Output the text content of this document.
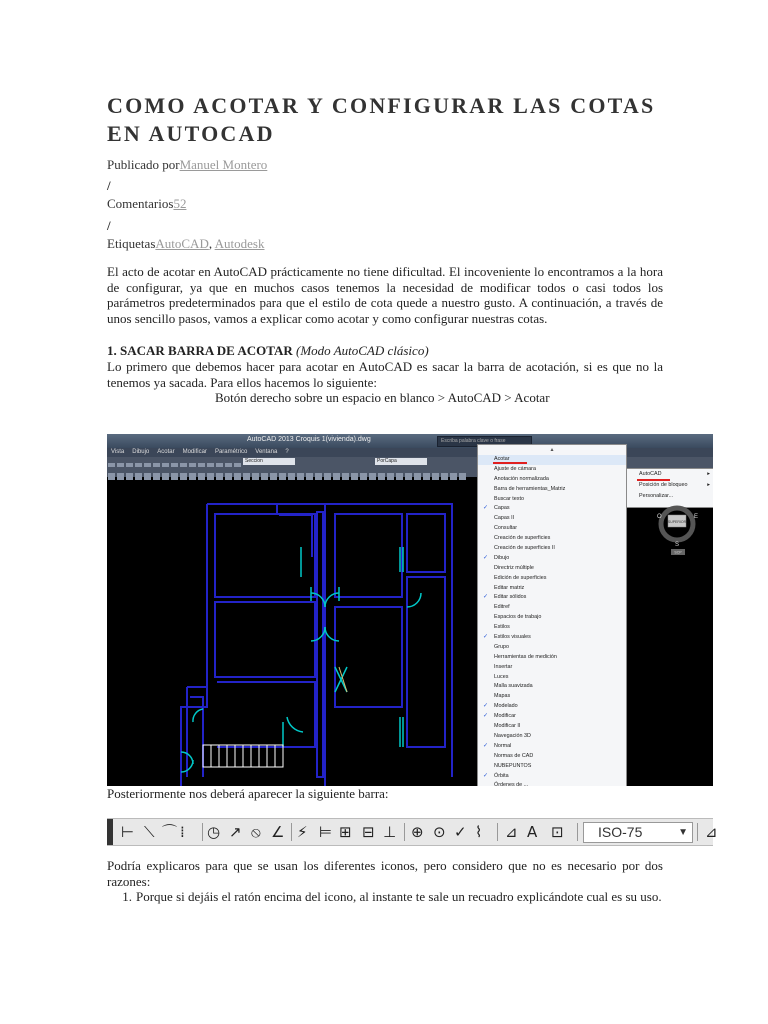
COMO ACOTAR Y CONFIGURAR LAS COTAS EN AUTOCAD
Publicado porManuel Montero
/
Comentarios52
/
EtiquetasAutoCAD, Autodesk
El acto de acotar en AutoCAD prácticamente no tiene dificultad. El incoveniente lo encontramos a la hora de configurar, ya que en muchos casos tenemos la necesidad de modificar todos o casi todos los parámetros predeterminados para que el estilo de cota quede a nuestro gusto. A continuación, a través de unos sencillo pasos, vamos a explicar como acotar y como configurar nuestras cotas.
1. SACAR BARRA DE ACOTAR (Modo AutoCAD clásico)
Lo primero que debemos hacer para acotar en AutoCAD es sacar la barra de acotación, si es que no la tenemos ya sacada. Para ellos hacemos lo siguiente:
Botón derecho sobre un espacio en blanco > AutoCAD > Acotar
AutoCAD 2013 Croquis 1(vivienda).dwg	Escriba palabra clave o frase
Vista Dibujo Acotar Modificar Paramétrico Ventana ?
Seccion	PorCapa
▴
Acotar
Ajuste de cámara
Anotación normalizada
Barra de herramientas_Matriz
Buscar texto
✓ Capas
Capas II
Consultar
Creación de superficies
Creación de superficies II
✓ Dibujo
Directriz múltiple
Edición de superficies
Editar matriz
✓ Editar sólidos
Editref
Espacios de trabajo
Estilos
✓ Estilos visuales
Grupo
Herramientas de medición
Insertar
Luces
Malla suavizada
Mapas
✓ Modelado
✓ Modificar
Modificar II
Navegación 3D
✓ Normal
Normas de CAD
NUBEPUNTOS
✓ Órbita
Órdenes de ...
AutoCAD	▸
Posición de bloqueo	▸
Personalizar...
SUPERIOR
O	E
S
SCP
Posteriormente nos deberá aparecer la siguiente barra:
ISO-75	▼
⊢ ⟍ ⌒ ⁞ ◷ ↗ ⦸ ∠ ⚡ ⊨ ⊞ ⊟ ⊥ ⊕ ⊙ ✓ ⌇ ⊿ A ⊡	⊿
Podría explicaros para que se usan los diferentes iconos, pero considero que no es necesario por dos razones:
1. Porque si dejáis el ratón encima del icono, al instante te sale un recuadro explicándote cual es su uso.
